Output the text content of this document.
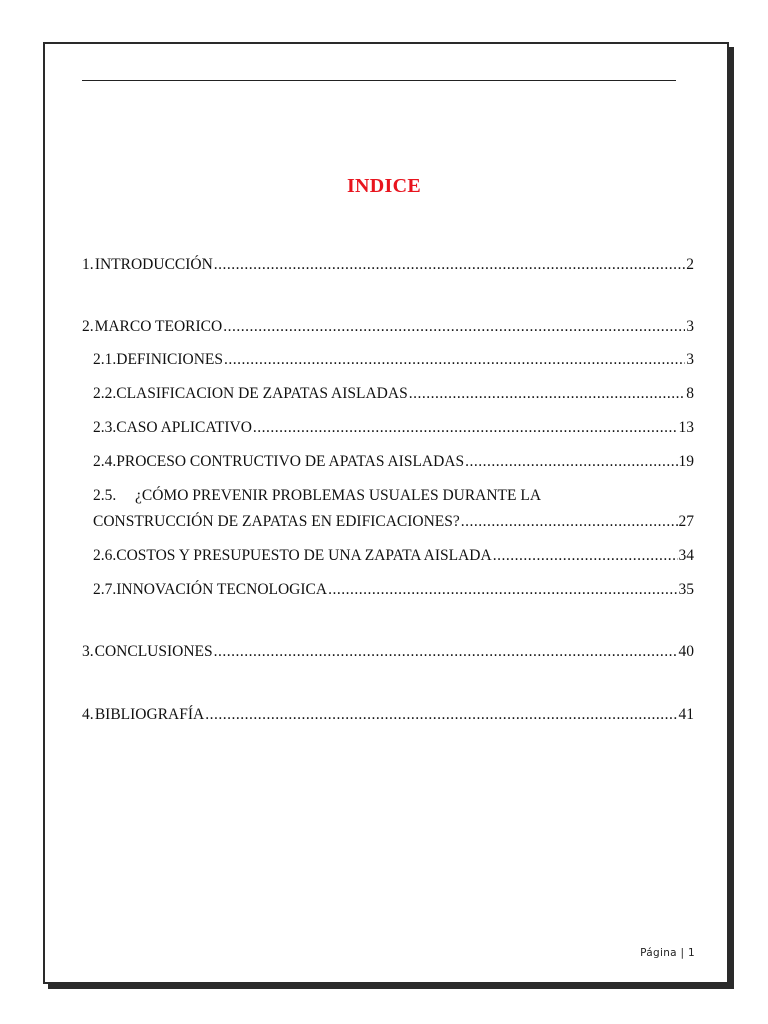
INDICE
1. INTRODUCCIÓN .....	2
2. MARCO TEORICO .....	3
2.1. DEFINICIONES .....	3
2.2. CLASIFICACION DE ZAPATAS AISLADAS .....	8
2.3. CASO APLICATIVO .....	13
2.4. PROCESO CONTRUCTIVO DE APATAS AISLADAS .....	19
2.5. ¿CÓMO PREVENIR PROBLEMAS USUALES DURANTE LA
CONSTRUCCIÓN DE ZAPATAS EN EDIFICACIONES? .....	27
2.6. COSTOS Y PRESUPUESTO DE UNA ZAPATA AISLADA .....	34
2.7. INNOVACIÓN TECNOLOGICA .....	35
3. CONCLUSIONES .....	40
4. BIBLIOGRAFÍA .....	41
Página | 1
